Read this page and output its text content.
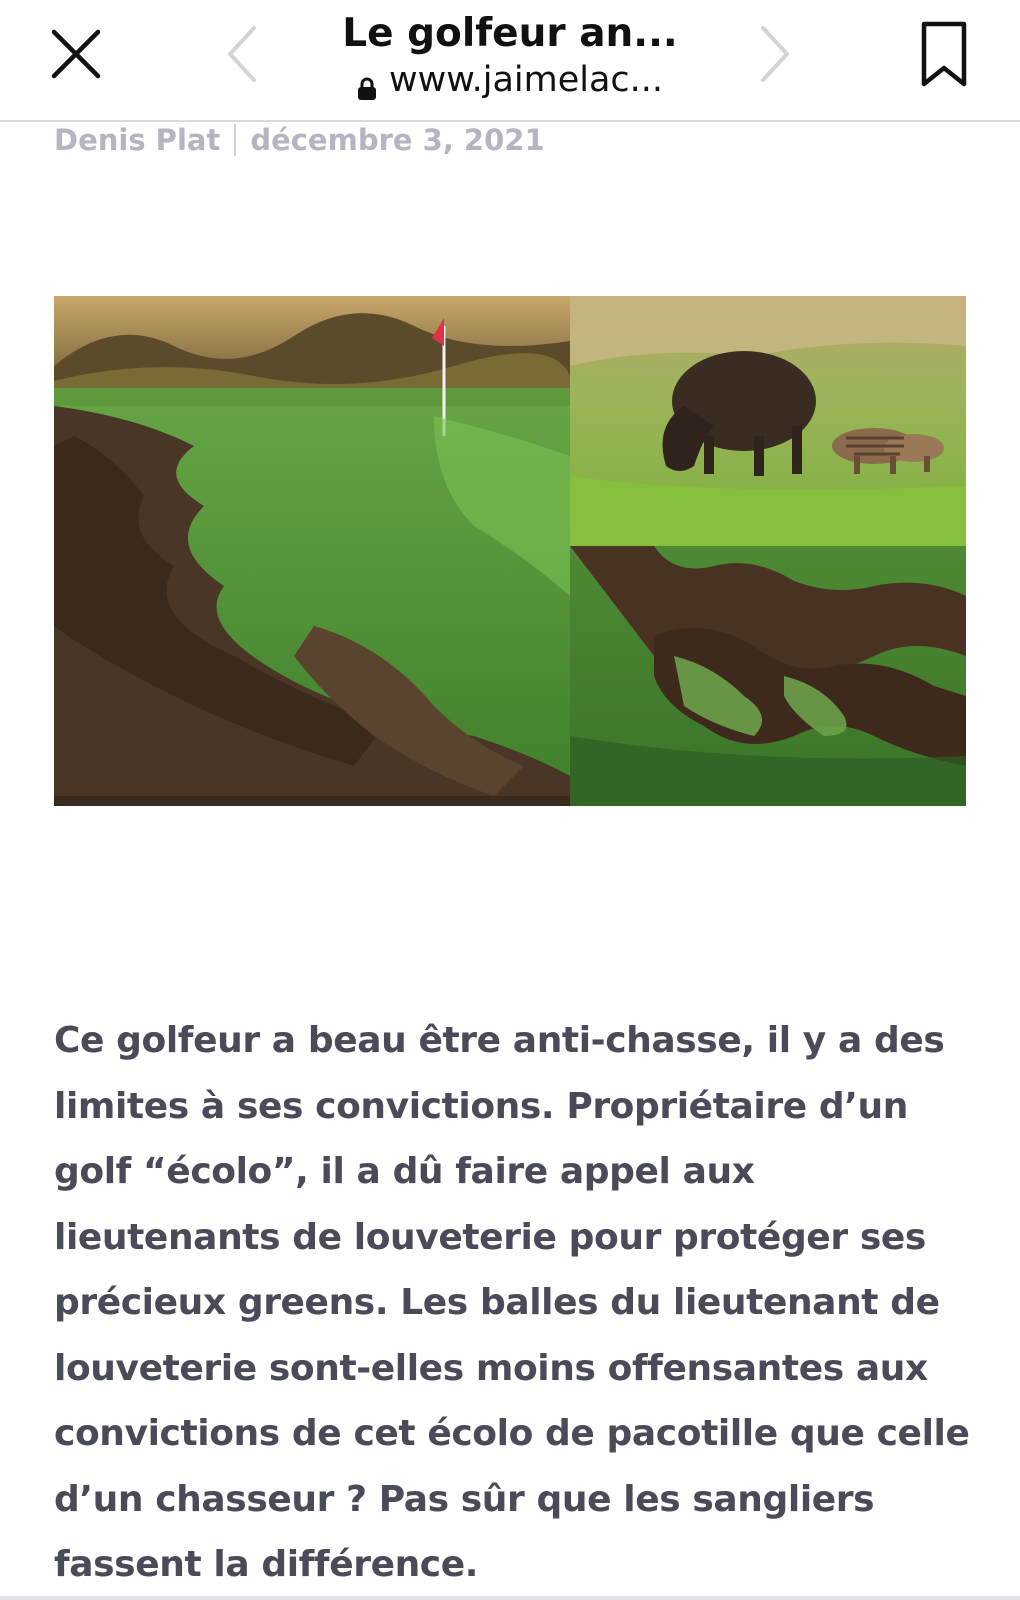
Le golfeur an...
www.jaimelac...
Denis Plat décembre 3, 2021

Ce golfeur a beau être anti-chasse, il y a des limites à ses convictions. Propriétaire d’un golf “écolo”, il a dû faire appel aux lieutenants de louveterie pour protéger ses précieux greens. Les balles du lieutenant de louveterie sont-elles moins offensantes aux convictions de cet écolo de pacotille que celle d’un chasseur ? Pas sûr que les sangliers fassent la différence.
